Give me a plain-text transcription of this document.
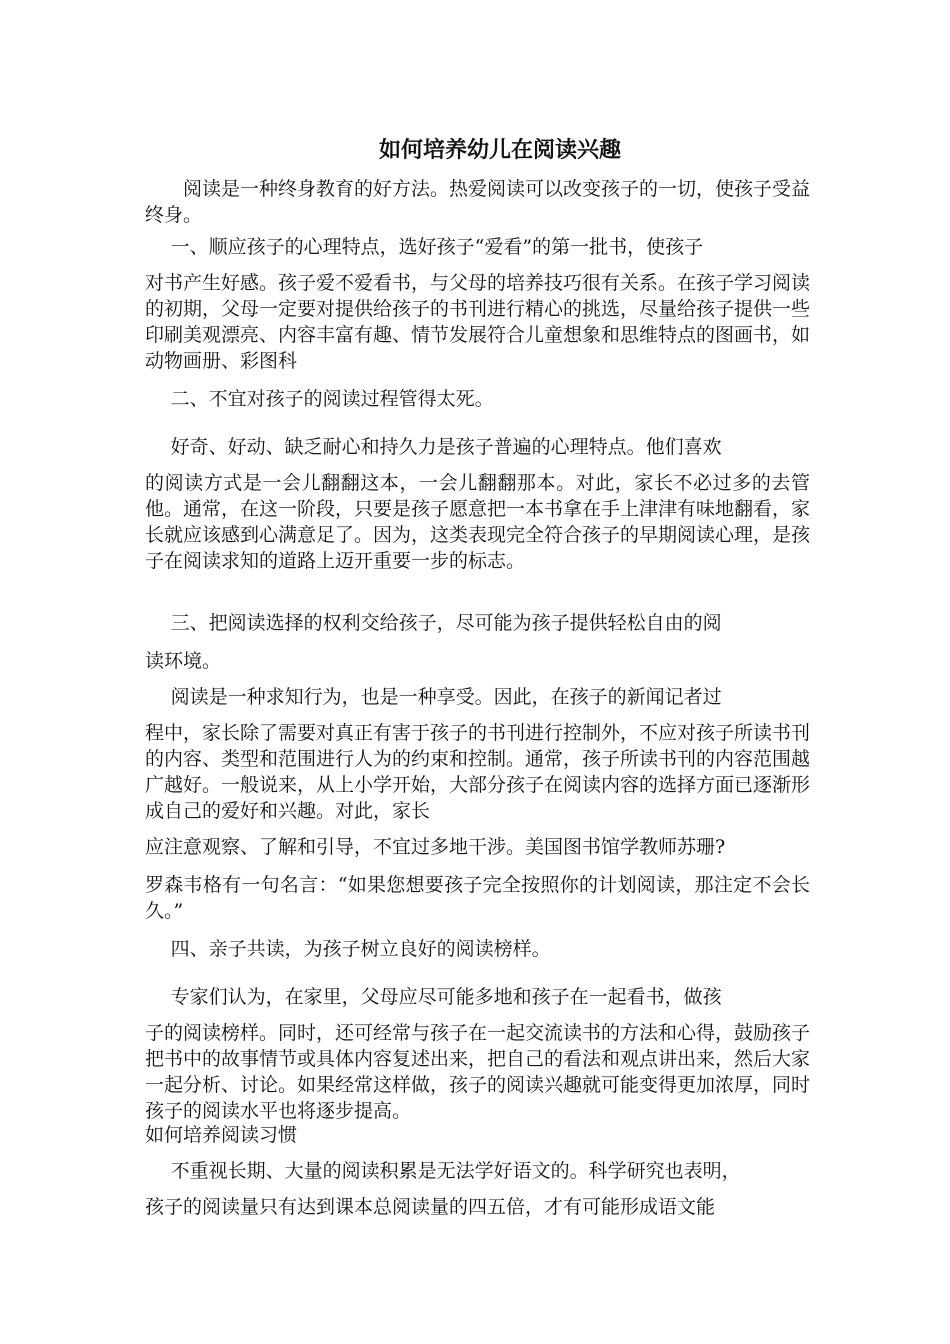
如何培养幼儿在阅读兴趣

阅读是一种终身教育的好方法。热爱阅读可以改变孩子的一切，使孩子受益终身。

一、顺应孩子的心理特点，选好孩子“爱看”的第一批书，使孩子

对书产生好感。孩子爱不爱看书，与父母的培养技巧很有关系。在孩子学习阅读的初期，父母一定要对提供给孩子的书刊进行精心的挑选，尽量给孩子提供一些印刷美观漂亮、内容丰富有趣、情节发展符合儿童想象和思维特点的图画书，如动物画册、彩图科

二、不宜对孩子的阅读过程管得太死。

好奇、好动、缺乏耐心和持久力是孩子普遍的心理特点。他们喜欢

的阅读方式是一会儿翻翻这本，一会儿翻翻那本。对此，家长不必过多的去管他。通常，在这一阶段，只要是孩子愿意把一本书拿在手上津津有味地翻看，家长就应该感到心满意足了。因为，这类表现完全符合孩子的早期阅读心理，是孩子在阅读求知的道路上迈开重要一步的标志。

三、把阅读选择的权利交给孩子，尽可能为孩子提供轻松自由的阅

读环境。

阅读是一种求知行为，也是一种享受。因此，在孩子的新闻记者过

程中，家长除了需要对真正有害于孩子的书刊进行控制外，不应对孩子所读书刊的内容、类型和范围进行人为的约束和控制。通常，孩子所读书刊的内容范围越广越好。一般说来，从上小学开始，大部分孩子在阅读内容的选择方面已逐渐形成自己的爱好和兴趣。对此，家长

应注意观察、了解和引导，不宜过多地干涉。美国图书馆学教师苏珊?

罗森韦格有一句名言：“如果您想要孩子完全按照你的计划阅读，那注定不会长久。”

四、亲子共读，为孩子树立良好的阅读榜样。

专家们认为，在家里，父母应尽可能多地和孩子在一起看书，做孩

子的阅读榜样。同时，还可经常与孩子在一起交流读书的方法和心得，鼓励孩子把书中的故事情节或具体内容复述出来，把自己的看法和观点讲出来，然后大家一起分析、讨论。如果经常这样做，孩子的阅读兴趣就可能变得更加浓厚，同时孩子的阅读水平也将逐步提高。

如何培养阅读习惯

不重视长期、大量的阅读积累是无法学好语文的。科学研究也表明，

孩子的阅读量只有达到课本总阅读量的四五倍，才有可能形成语文能
